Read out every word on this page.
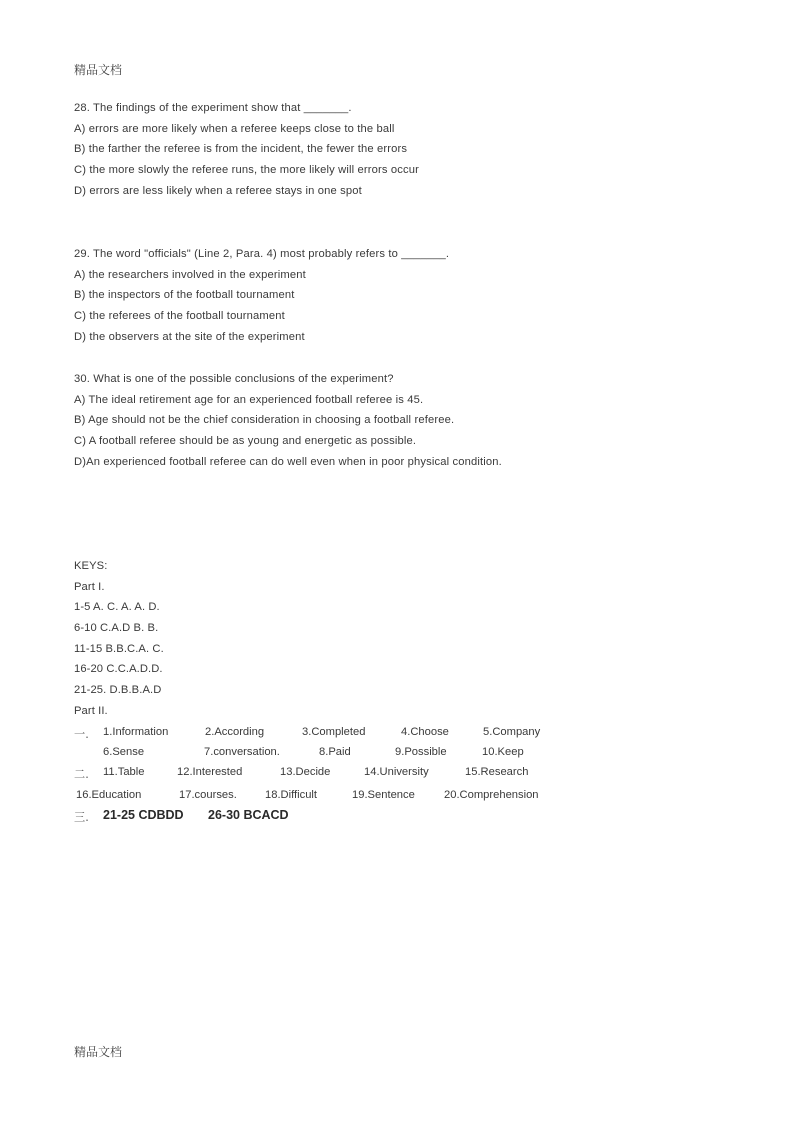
精品文档
28. The findings of the experiment show that _______.
A) errors are more likely when a referee keeps close to the ball
B) the farther the referee is from the incident, the fewer the errors
C) the more slowly the referee runs, the more likely will errors occur
D) errors are less likely when a referee stays in one spot
29. The word "officials" (Line 2, Para. 4) most probably refers to _______.
A) the researchers involved in the experiment
B) the inspectors of the football tournament
C) the referees of the football tournament
D) the observers at the site of the experiment
30. What is one of the possible conclusions of the experiment?
A) The ideal retirement age for an experienced football referee is 45.
B) Age should not be the chief consideration in choosing a football referee.
C) A football referee should be as young and energetic as possible.
D)An experienced football referee can do well even when in poor physical condition.
KEYS:
Part I.
1-5 A. C. A. A. D.
6-10 C.A.D B. B.
11-15 B.B.C.A. C.
16-20 C.C.A.D.D.
21-25. D.B.B.A.D
Part II.
一. 1.Information	2.According	3.Completed	4.Choose	5.Company
6.Sense	7.conversation.	8.Paid	9.Possible	10.Keep
二. 11.Table	12.Interested	13.Decide	14.University	15.Research
16.Education	17.courses.	18.Difficult	19.Sentence	20.Comprehension
三. 21-25 CDBDD 26-30 BCACD
精品文档
